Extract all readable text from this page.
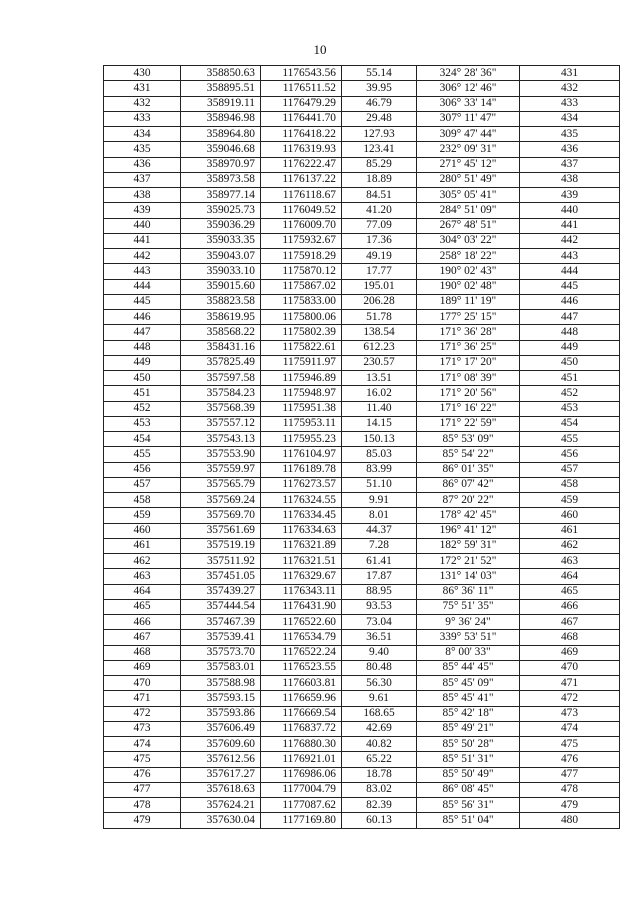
10
430	358850.63	1176543.56	55.14	324° 28' 36"	431
431	358895.51	1176511.52	39.95	306° 12' 46"	432
432	358919.11	1176479.29	46.79	306° 33' 14"	433
433	358946.98	1176441.70	29.48	307° 11' 47"	434
434	358964.80	1176418.22	127.93	309° 47' 44"	435
435	359046.68	1176319.93	123.41	232° 09' 31"	436
436	358970.97	1176222.47	85.29	271° 45' 12"	437
437	358973.58	1176137.22	18.89	280° 51' 49"	438
438	358977.14	1176118.67	84.51	305° 05' 41"	439
439	359025.73	1176049.52	41.20	284° 51' 09"	440
440	359036.29	1176009.70	77.09	267° 48' 51"	441
441	359033.35	1175932.67	17.36	304° 03' 22"	442
442	359043.07	1175918.29	49.19	258° 18' 22"	443
443	359033.10	1175870.12	17.77	190° 02' 43"	444
444	359015.60	1175867.02	195.01	190° 02' 48"	445
445	358823.58	1175833.00	206.28	189° 11' 19"	446
446	358619.95	1175800.06	51.78	177° 25' 15"	447
447	358568.22	1175802.39	138.54	171° 36' 28"	448
448	358431.16	1175822.61	612.23	171° 36' 25"	449
449	357825.49	1175911.97	230.57	171° 17' 20"	450
450	357597.58	1175946.89	13.51	171° 08' 39"	451
451	357584.23	1175948.97	16.02	171° 20' 56"	452
452	357568.39	1175951.38	11.40	171° 16' 22"	453
453	357557.12	1175953.11	14.15	171° 22' 59"	454
454	357543.13	1175955.23	150.13	85° 53' 09"	455
455	357553.90	1176104.97	85.03	85° 54' 22"	456
456	357559.97	1176189.78	83.99	86° 01' 35"	457
457	357565.79	1176273.57	51.10	86° 07' 42"	458
458	357569.24	1176324.55	9.91	87° 20' 22"	459
459	357569.70	1176334.45	8.01	178° 42' 45"	460
460	357561.69	1176334.63	44.37	196° 41' 12"	461
461	357519.19	1176321.89	7.28	182° 59' 31"	462
462	357511.92	1176321.51	61.41	172° 21' 52"	463
463	357451.05	1176329.67	17.87	131° 14' 03"	464
464	357439.27	1176343.11	88.95	86° 36' 11"	465
465	357444.54	1176431.90	93.53	75° 51' 35"	466
466	357467.39	1176522.60	73.04	9° 36' 24"	467
467	357539.41	1176534.79	36.51	339° 53' 51"	468
468	357573.70	1176522.24	9.40	8° 00' 33"	469
469	357583.01	1176523.55	80.48	85° 44' 45"	470
470	357588.98	1176603.81	56.30	85° 45' 09"	471
471	357593.15	1176659.96	9.61	85° 45' 41"	472
472	357593.86	1176669.54	168.65	85° 42' 18"	473
473	357606.49	1176837.72	42.69	85° 49' 21"	474
474	357609.60	1176880.30	40.82	85° 50' 28"	475
475	357612.56	1176921.01	65.22	85° 51' 31"	476
476	357617.27	1176986.06	18.78	85° 50' 49"	477
477	357618.63	1177004.79	83.02	86° 08' 45"	478
478	357624.21	1177087.62	82.39	85° 56' 31"	479
479	357630.04	1177169.80	60.13	85° 51' 04"	480
